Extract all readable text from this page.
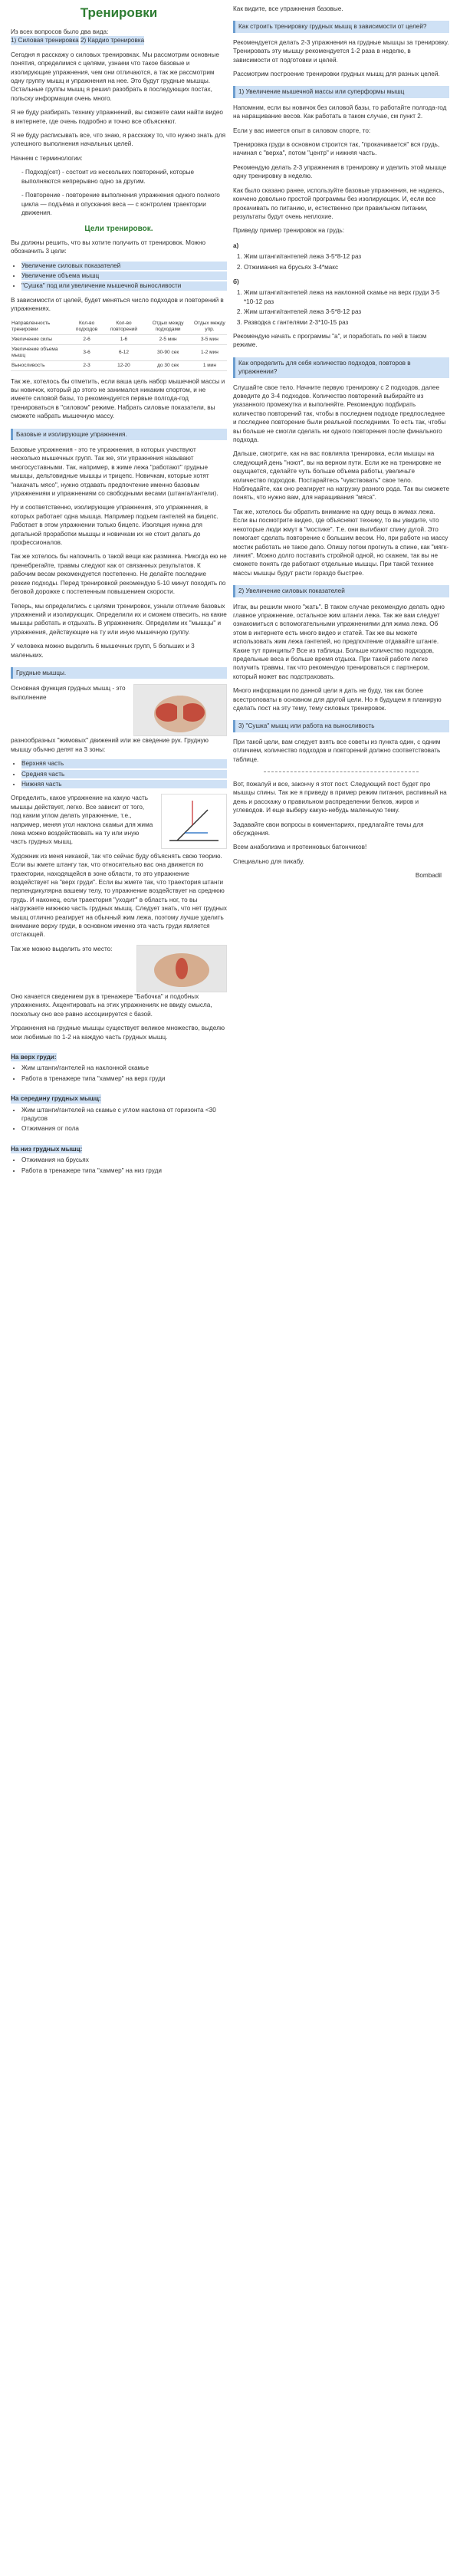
Тренировки
Из всех вопросов было два вида:
1) Силовая тренировка 2) Кардио тренировка
Сегодня я расскажу о силовых тренировках. Мы рассмотрим основные понятия, определимся с целями, узнаем что такое базовые и изолирующие упражнения, чем они отличаются, а так же рассмотрим одну группу мышц и упражнения на нее. Это будут грудные мышцы. Остальные группы мышц я решил разобрать в последующих постах, польску информации очень много.
Я не буду разбирать технику упражнений, вы сможете сами найти видео в интернете, где очень подробно и точно все объясняют.
Я не буду расписывать все, что знаю, я расскажу то, что нужно знать для успешного выполнения начальных целей.
Начнем с терминологии:
- Подход(сет) - состоит из нескольких повторений, которые выполняются непрерывно одно за другим.
- Повторение - повторение выполнения упражнения одного полного цикла — подъёма и опускания веса — с контролем траектории движения.
Цели тренировок.
Вы должны решить, что вы хотите получить от тренировок. Можно обозначить 3 цели:
• Увеличение силовых показателей
• Увеличение объема мышц
• "Сушка" под или увеличение мышечной выносливости
В зависимости от целей, будет меняться число подходов и повторений в упражнениях.
Направленность тренировки	Кол-во подходов	Кол-во повторений	Отдых между подходами	Отдых между упр.
Увеличение силы	2-6	1-6	2-5 мин	3-5 мин
Увеличение объема мышц	3-6	6-12	30-90 сек	1-2 мин
Выносливость	2-3	12-20	до 30 сек	1 мин
Так же, хотелось бы отметить, если ваша цель набор мышечной массы и вы новичок, который до этого не занимался никаким спортом, и не имеете силовой базы, то рекомендуется первые полгода-год тренироваться в "силовом" режиме. Набрать силовые показатели, вы сможете набрать мышечную массу.
Базовые и изолирующие упражнения.
Базовые упражнения - это те упражнения, в которых участвуют несколько мышечных групп. Так же, эти упражнения называют многосуставными. Так, например, в жиме лежа "работают" грудные мышцы, дельтовидные мышцы и трицепс. Новичкам, которые хотят "накачать мясо", нужно отдавать предпочтение именно базовым упражнениям и упражнениям со свободными весами (штанга/гантели).
Ну и соответственно, изолирующие упражнения, это упражнения, в которых работает одна мышца. Например подъем гантелей на бицепс. Работает в этом упражнении только бицепс. Изоляция нужна для детальной проработки мышцы и новичкам их не стоит делать до профессионалов.
Так же хотелось бы напомнить о такой вещи как разминка. Никогда ею не пренебрегайте, травмы следуют как от связанных результатов. К рабочим весам рекомендуется постепенно. Не делайте последние резкие подходы. Перед тренировкой рекомендую 5-10 минут походить по беговой дорожке с постепенным повышением скорости.
Теперь, мы определились с целями тренировок, узнали отличие базовых упражнений и изолирующих. Определили их и сможем отвесить, на какие мышцы работать и отдыхать. В упражнениях. Определим их "мышцы" и упражнения, действующие на ту или иную мышечную группу.
У человека можно выделить 6 мышечных групп, 5 больших и 3 маленьких.
Грудные мышцы.
Основная функция грудных мышц - это выполнение
разнообразных "жимовых" движений или же сведение рук. Грудную мышцу обычно делят на 3 зоны:
• Верхняя часть
• Средняя часть
• Нижняя часть
Определить, какое упражнение на какую часть мышцы действует, легко. Все зависит от того, под каким углом делать упражнение, т.е., например, меняя угол наклона скамьи для жима лежа можно воздействовать на ту или иную часть грудных мышц.
Художник из меня никакой, так что сейчас буду объяснять свою теорию. Если вы жмете штангу так, что относительно вас она движется по траектории, находящейся в зоне области, то это упражнение воздействует на "верх груди". Если вы жмете так, что траектория штанги перпендикулярна вашему телу, то упражнение воздействует на среднюю грудь. И наконец, если траектория "уходит" в область ног, то вы нагружаете нижнюю часть грудных мышц. Следует знать, что нет грудных мышц отлично реагирует на обычный жим лежа, поэтому лучше уделить внимание верху груди, в основном именно эта часть груди является отстающей.
Так же можно выделить это место:
Оно качается сведением рук в тренажере "Бабочка" и подобных упражнениях. Акцентировать на этих упражнениях не ввиду смысла, поскольку оно все равно ассоциируется с базой.
Упражнения на грудные мышцы существует великое множество, выделю мои любимые по 1-2 на каждую часть грудных мышц.
На верх груди:
• Жим штанги/гантелей на наклонной скамье
• Работа в тренажере типа "хаммер" на верх груди
На середину грудных мышц:
• Жим штанги/гантелей на скамье с углом наклона от горизонта <30 градусов
• Отжимания от пола
На низ грудных мышц:
• Отжимания на брусьях
• Работа в тренажере типа "хаммер" на низ груди
Как видите, все упражнения базовые.
Как строить тренировку грудных мышц в зависимости от целей?
Рекомендуется делать 2-3 упражнения на грудные мышцы за тренировку. Тренировать эту мышцу рекомендуется 1-2 раза в неделю, в зависимости от подготовки и целей.
Рассмотрим построение тренировки грудных мышц для разных целей.
1) Увеличение мышечной массы или суперформы мышц
Напомним, если вы новичок без силовой базы, то работайте полгода-год на наращивание весов. Как работать в таком случае, см пункт 2.
Если у вас имеется опыт в силовом спорте, то:
Тренировка груди в основном строится так, "прокачивается" вся грудь, начиная с "верха", потом "центр" и нижняя часть.
Рекомендую делать 2-3 упражнения в тренировку и уделить этой мышце одну тренировку в неделю.
Как было сказано ранее, используйте базовые упражнения, не надеясь, кончено довольно простой программы без изолирующих. И, если все прокачивать по питанию, и, естественно при правильном питании, результаты будут очень неплохие.
Приведу пример тренировок на грудь:
а)
1. Жим штанги/гантелей лежа 3-5*8-12 раз
2. Отжимания на брусьях 3-4*макс
б)
1. Жим штанги/гантелей лежа на наклонной скамье на верх груди 3-5 *10-12 раз
2. Жим штанги/гантелей лежа 3-5*8-12 раз
3. Разводка с гантелями 2-3*10-15 раз
Рекомендую начать с программы "а", и поработать по ней в таком режиме.
Как определить для себя количество подходов, повторов в упражнении?
Слушайте свое тело. Начните первую тренировку с 2 подходов, далее доведите до 3-4 подходов. Количество повторений выбирайте из указанного промежутка и выполняйте. Рекомендую подбирать количество повторений так, чтобы в последнем подходе предпоследнее и последнее повторение были реальной последними. То есть так, чтобы вы больше не смогли сделать ни одного повторения после финального подхода.
Дальше, смотрите, как на вас повлияла тренировка, если мышцы на следующий день "ноют", вы на верном пути. Если же на тренировке не ощущается, сделайте чуть больше объема работы, увеличьте количество подходов. Постарайтесь "чувствовать" свое тело. Наблюдайте, как оно реагирует на нагрузку разного рода. Так вы сможете понять, что нужно вам, для наращивания "мяса".
Так же, хотелось бы обратить внимание на одну вещь в жимах лежа. Если вы посмотрите видео, где объясняют технику, то вы увидите, что некоторые люди жмут в "мостике". Т.е. они выгибают спину дугой. Это помогает сделать повторение с большим весом. Но, при работе на массу мостик работать не такое дело. Опишу потом прогнуть в спине, как "мягк-линия". Можно долго поставить стройной одной, но скажем, так вы не сможете понять где работают отдельные мышцы. При такой технике массы мышцы будут расти гораздо быстрее.
2) Увеличение силовых показателей
Итак, вы решили много "жать". В таком случае рекомендую делать одно главное упражнение, остальное жим штанги лежа. Так же вам следует ознакомиться с вспомогательными упражнениями для жима лежа. Об этом в интернете есть много видео и статей. Так же вы можете использовать жим лежа гантелей, но предпочтение отдавайте штанге. Какие тут принципы? Все из таблицы. Больше количество подходов, предельные веса и больше время отдыха. При такой работе легко получить травмы, так что рекомендую тренироваться с партнером, который может вас подстраховать.
Много информации по данной цели я дать не буду, так как более всестроповаты в основном для другой цели. Но я будущем я планирую сделать пост на эту тему, тему силовых тренировок.
3) "Сушка" мышц или работа на выносливость
При такой цели, вам следует взять все советы из пункта один, с одним отличием, количество подходов и повторений должно соответствовать таблице.
Вот, пожалуй и все, закончу я этот пост. Следующий пост будет про мышцы спины. Так же я приведу в пример режим питания, распивный на день и расскажу о правильном распределении белков, жиров и углеводов. И еще выберу какую-небудь маленькую тему.
Задавайте свои вопросы в комментариях, предлагайте темы для обсуждения.
Всем анаболизма и протеиновых батончиков!
Специально для пикабу.
Bombadil
